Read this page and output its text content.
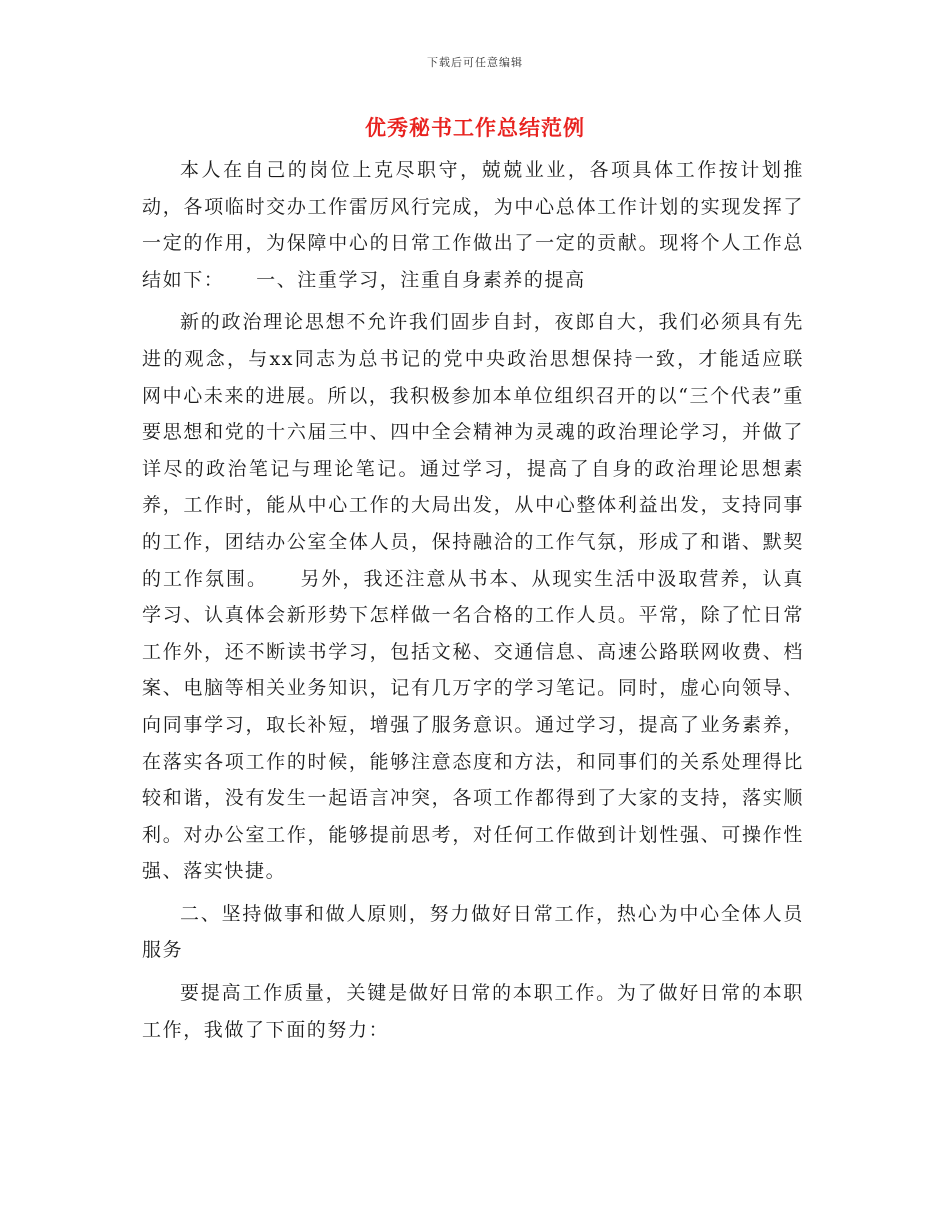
下载后可任意编辑
优秀秘书工作总结范例

本人在自己的岗位上克尽职守，兢兢业业，各项具体工作按计划推动，各项临时交办工作雷厉风行完成，为中心总体工作计划的实现发挥了一定的作用，为保障中心的日常工作做出了一定的贡献。现将个人工作总结如下：　　一、注重学习，注重自身素养的提高

新的政治理论思想不允许我们固步自封，夜郎自大，我们必须具有先进的观念，与xx同志为总书记的党中央政治思想保持一致，才能适应联网中心未来的进展。所以，我积极参加本单位组织召开的以“三个代表”重要思想和党的十六届三中、四中全会精神为灵魂的政治理论学习，并做了详尽的政治笔记与理论笔记。通过学习，提高了自身的政治理论思想素养，工作时，能从中心工作的大局出发，从中心整体利益出发，支持同事的工作，团结办公室全体人员，保持融洽的工作气氛，形成了和谐、默契的工作氛围。　　另外，我还注意从书本、从现实生活中汲取营养，认真学习、认真体会新形势下怎样做一名合格的工作人员。平常，除了忙日常工作外，还不断读书学习，包括文秘、交通信息、高速公路联网收费、档案、电脑等相关业务知识，记有几万字的学习笔记。同时，虚心向领导、向同事学习，取长补短，增强了服务意识。通过学习，提高了业务素养，在落实各项工作的时候，能够注意态度和方法，和同事们的关系处理得比较和谐，没有发生一起语言冲突，各项工作都得到了大家的支持，落实顺利。对办公室工作，能够提前思考，对任何工作做到计划性强、可操作性强、落实快捷。

二、坚持做事和做人原则，努力做好日常工作，热心为中心全体人员服务

要提高工作质量，关键是做好日常的本职工作。为了做好日常的本职工作，我做了下面的努力：
